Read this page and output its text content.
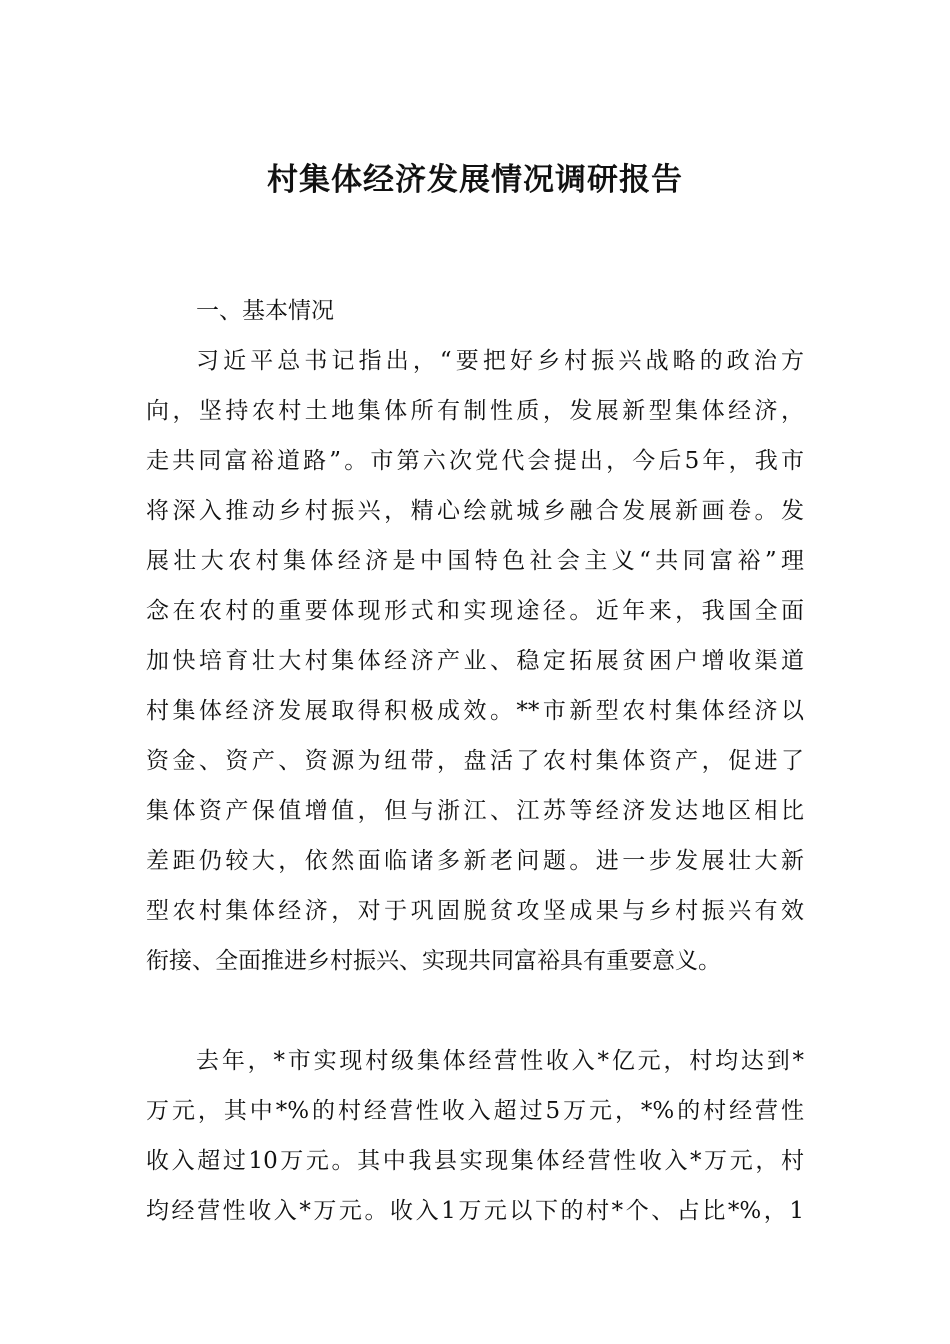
村集体经济发展情况调研报告

一、基本情况

习近平总书记指出，“要把好乡村振兴战略的政治方

向，坚持农村土地集体所有制性质，发展新型集体经济，

走共同富裕道路”。市第六次党代会提出，今后5年，我市

将深入推动乡村振兴，精心绘就城乡融合发展新画卷。发

展壮大农村集体经济是中国特色社会主义“共同富裕”理

念在农村的重要体现形式和实现途径。近年来，我国全面

加快培育壮大村集体经济产业、稳定拓展贫困户增收渠道

村集体经济发展取得积极成效。**市新型农村集体经济以

资金、资产、资源为纽带，盘活了农村集体资产，促进了

集体资产保值增值，但与浙江、江苏等经济发达地区相比

差距仍较大，依然面临诸多新老问题。进一步发展壮大新

型农村集体经济，对于巩固脱贫攻坚成果与乡村振兴有效

衔接、全面推进乡村振兴、实现共同富裕具有重要意义。

去年，*市实现村级集体经营性收入*亿元，村均达到*

万元，其中*%的村经营性收入超过5万元，*%的村经营性

收入超过10万元。其中我县实现集体经营性收入*万元，村

均经营性收入*万元。收入1万元以下的村*个、占比*%，1
